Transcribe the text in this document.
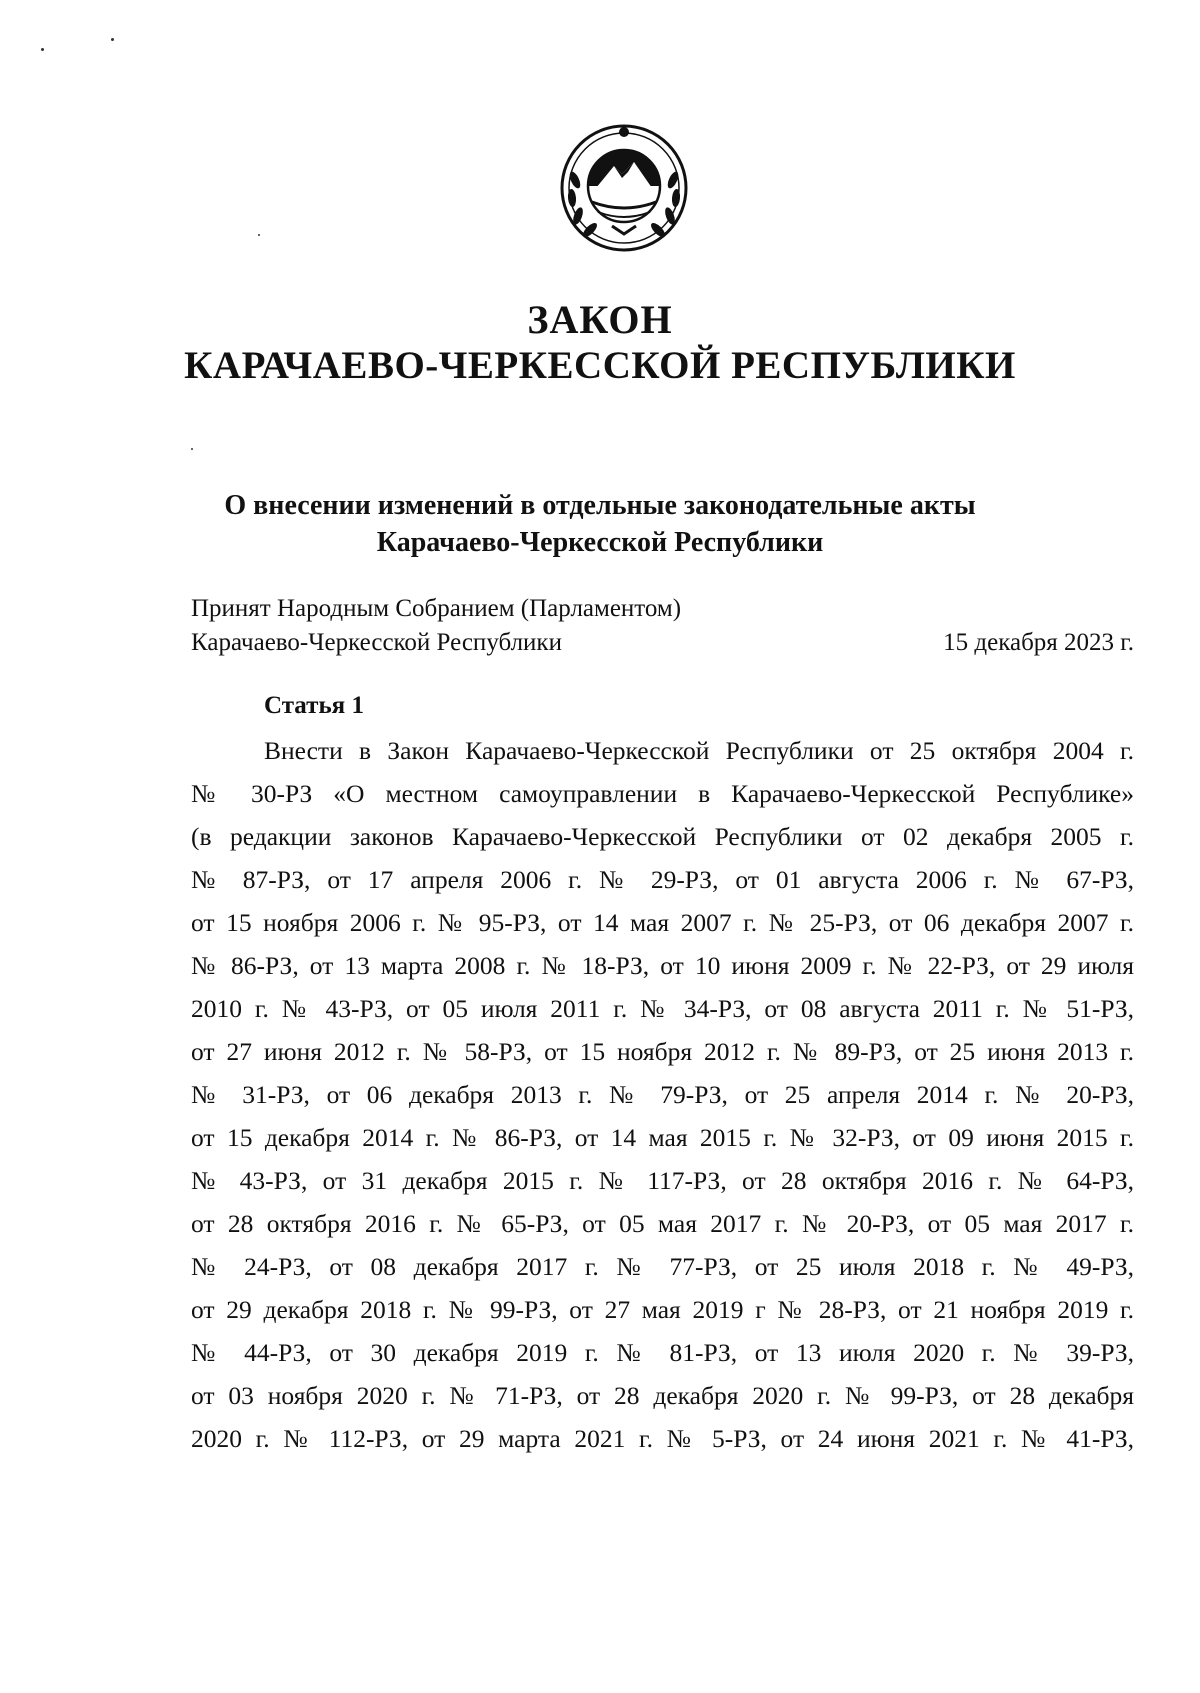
ЗАКОН
КАРАЧАЕВО-ЧЕРКЕССКОЙ РЕСПУБЛИКИ
О внесении изменений в отдельные законодательные акты
Карачаево-Черкесской Республики
Принят Народным Собранием (Парламентом)
Карачаево-Черкесской Республики	15 декабря 2023 г.
Статья 1
Внести в Закон Карачаево-Черкесской Республики от 25 октября 2004 г.
№ 30-РЗ «О местном самоуправлении в Карачаево-Черкесской Республике»
(в редакции законов Карачаево-Черкесской Республики от 02 декабря 2005 г.
№ 87-РЗ, от 17 апреля 2006 г. № 29-РЗ, от 01 августа 2006 г. № 67-РЗ,
от 15 ноября 2006 г. № 95-РЗ, от 14 мая 2007 г. № 25-РЗ, от 06 декабря 2007 г.
№ 86-РЗ, от 13 марта 2008 г. № 18-РЗ, от 10 июня 2009 г. № 22-РЗ, от 29 июля
2010 г. № 43-РЗ, от 05 июля 2011 г. № 34-РЗ, от 08 августа 2011 г. № 51-РЗ,
от 27 июня 2012 г. № 58-РЗ, от 15 ноября 2012 г. № 89-РЗ, от 25 июня 2013 г.
№ 31-РЗ, от 06 декабря 2013 г. № 79-РЗ, от 25 апреля 2014 г. № 20-РЗ,
от 15 декабря 2014 г. № 86-РЗ, от 14 мая 2015 г. № 32-РЗ, от 09 июня 2015 г.
№ 43-РЗ, от 31 декабря 2015 г. № 117-РЗ, от 28 октября 2016 г. № 64-РЗ,
от 28 октября 2016 г. № 65-РЗ, от 05 мая 2017 г. № 20-РЗ, от 05 мая 2017 г.
№ 24-РЗ, от 08 декабря 2017 г. № 77-РЗ, от 25 июля 2018 г. № 49-РЗ,
от 29 декабря 2018 г. № 99-РЗ, от 27 мая 2019 г № 28-РЗ, от 21 ноября 2019 г.
№ 44-РЗ, от 30 декабря 2019 г. № 81-РЗ, от 13 июля 2020 г. № 39-РЗ,
от 03 ноября 2020 г. № 71-РЗ, от 28 декабря 2020 г. № 99-РЗ, от 28 декабря
2020 г. № 112-РЗ, от 29 марта 2021 г. № 5-РЗ, от 24 июня 2021 г. № 41-РЗ,
